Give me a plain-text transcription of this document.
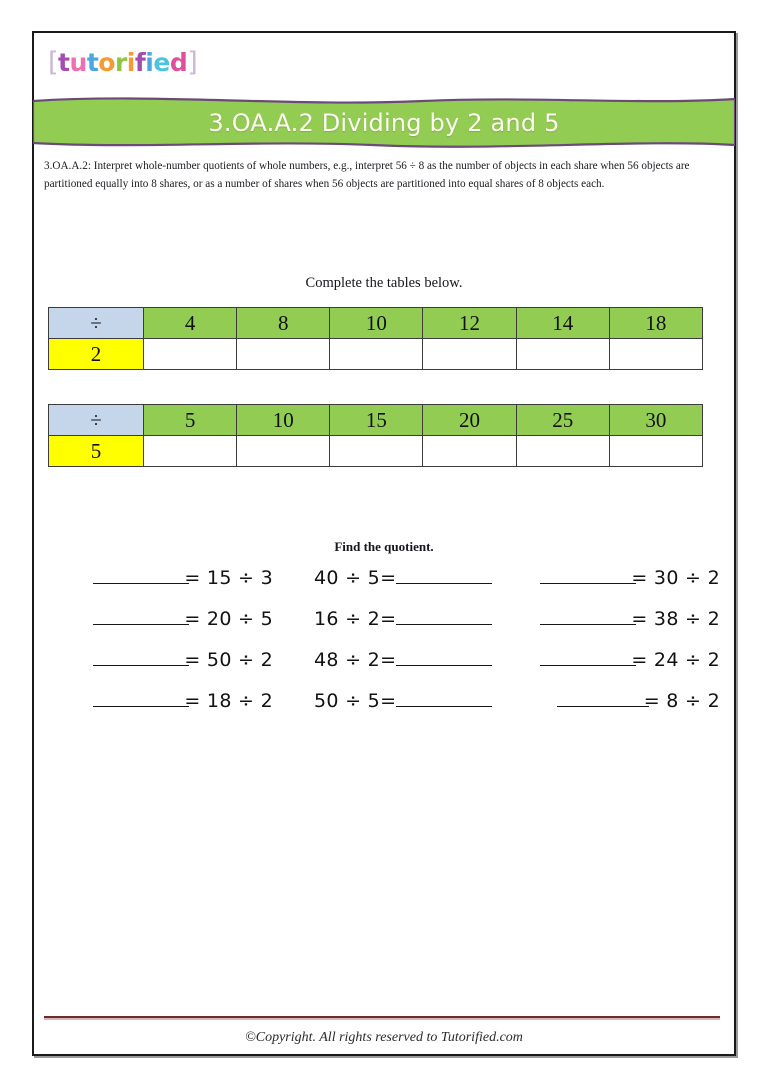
[tutorified]
3.OA.A.2 Dividing by 2 and 5
3.OA.A.2: Interpret whole-number quotients of whole numbers, e.g., interpret 56 ÷ 8 as the number of objects in each share when 56 objects are partitioned equally into 8 shares, or as a number of shares when 56 objects are partitioned into equal shares of 8 objects each.
Complete the tables below.
÷	4	8	10	12	14	18
2						
÷	5	10	15	20	25	30
5						
Find the quotient.
= 15 ÷ 3 40 ÷ 5=	= 30 ÷ 2
= 20 ÷ 5 16 ÷ 2=	= 38 ÷ 2
= 50 ÷ 2 48 ÷ 2=	= 24 ÷ 2
= 18 ÷ 2 50 ÷ 5=	= 8 ÷ 2
©Copyright. All rights reserved to Tutorified.com
